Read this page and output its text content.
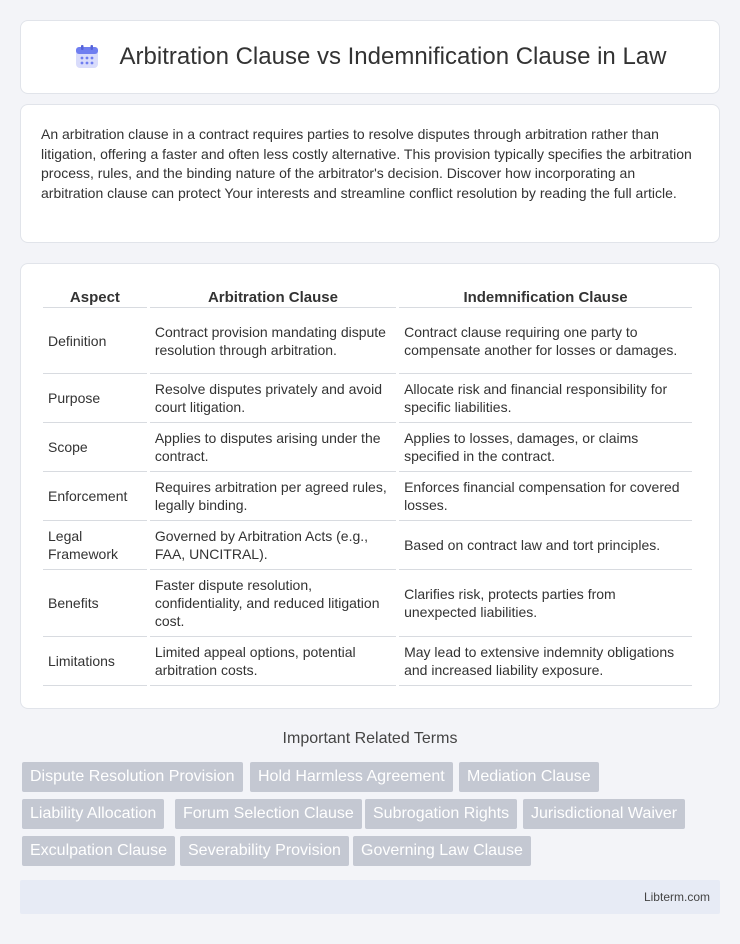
Arbitration Clause vs Indemnification Clause in Law

An arbitration clause in a contract requires parties to resolve disputes through arbitration rather than litigation, offering a faster and often less costly alternative. This provision typically specifies the arbitration process, rules, and the binding nature of the arbitrator's decision. Discover how incorporating an arbitration clause can protect Your interests and streamline conflict resolution by reading the full article.

Aspect	Arbitration Clause	Indemnification Clause
Definition	Contract provision mandating dispute resolution through arbitration.	Contract clause requiring one party to compensate another for losses or damages.
Purpose	Resolve disputes privately and avoid court litigation.	Allocate risk and financial responsibility for specific liabilities.
Scope	Applies to disputes arising under the contract.	Applies to losses, damages, or claims specified in the contract.
Enforcement	Requires arbitration per agreed rules, legally binding.	Enforces financial compensation for covered losses.
Legal Framework	Governed by Arbitration Acts (e.g., FAA, UNCITRAL).	Based on contract law and tort principles.
Benefits	Faster dispute resolution, confidentiality, and reduced litigation cost.	Clarifies risk, protects parties from unexpected liabilities.
Limitations	Limited appeal options, potential arbitration costs.	May lead to extensive indemnity obligations and increased liability exposure.
Important Related Terms
Dispute Resolution Provision	Hold Harmless Agreement	Mediation Clause
Liability Allocation	Forum Selection Clause	Subrogation Rights	Jurisdictional Waiver
Exculpation Clause	Severability Provision	Governing Law Clause
Libterm.com
